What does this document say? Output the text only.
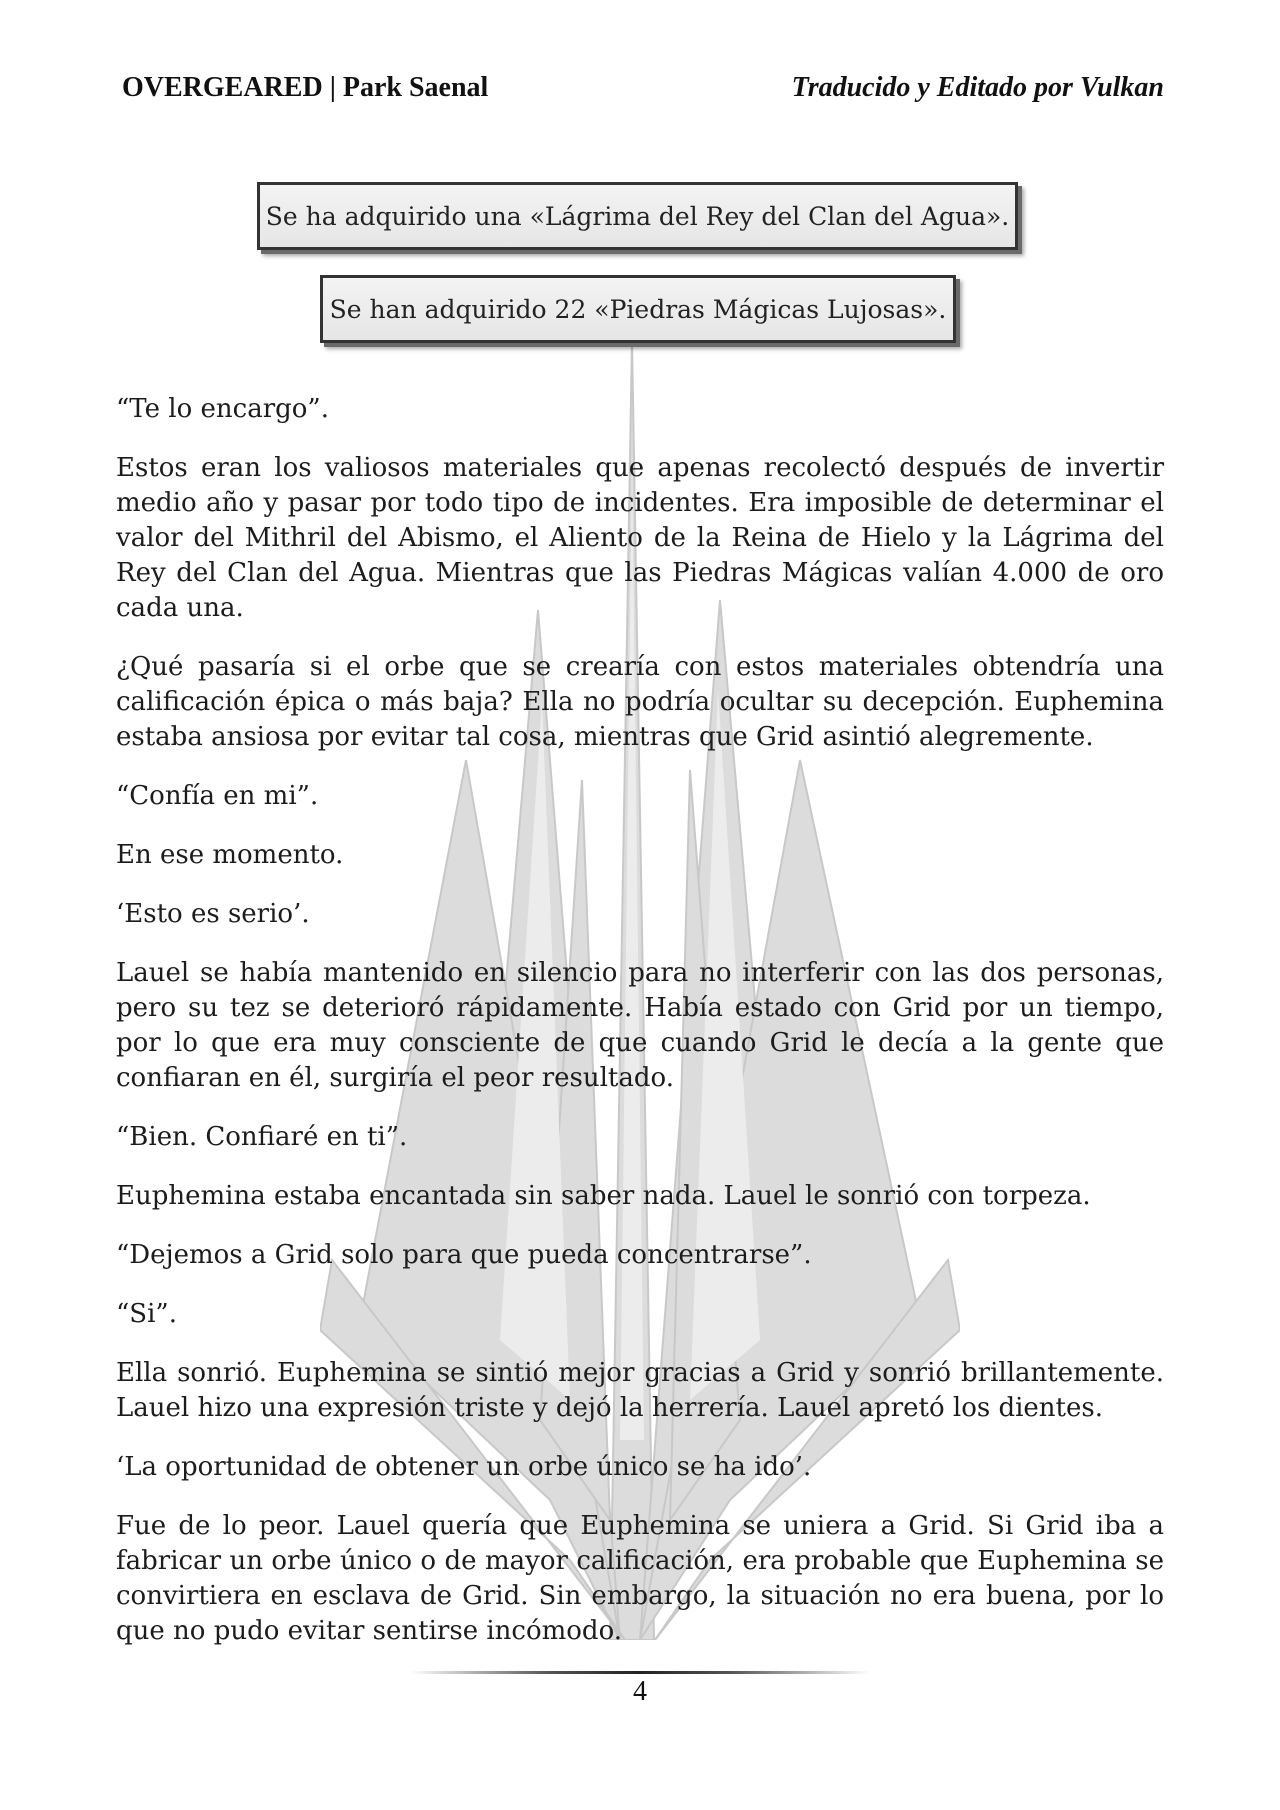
OVERGEARED | Park Saenal	Traducido y Editado por Vulkan
Se ha adquirido una «Lágrima del Rey del Clan del Agua».
Se han adquirido 22 «Piedras Mágicas Lujosas».

“Te lo encargo”.

Estos eran los valiosos materiales que apenas recolectó después de invertir medio año y pasar por todo tipo de incidentes. Era imposible de determinar el valor del Mithril del Abismo, el Aliento de la Reina de Hielo y la Lágrima del Rey del Clan del Agua. Mientras que las Piedras Mágicas valían 4.000 de oro cada una.

¿Qué pasaría si el orbe que se crearía con estos materiales obtendría una calificación épica o más baja? Ella no podría ocultar su decepción. Euphemina estaba ansiosa por evitar tal cosa, mientras que Grid asintió alegremente.

“Confía en mi”.

En ese momento.

‘Esto es serio’.

Lauel se había mantenido en silencio para no interferir con las dos personas, pero su tez se deterioró rápidamente. Había estado con Grid por un tiempo, por lo que era muy consciente de que cuando Grid le decía a la gente que confiaran en él, surgiría el peor resultado.

“Bien. Confiaré en ti”.

Euphemina estaba encantada sin saber nada. Lauel le sonrió con torpeza.

“Dejemos a Grid solo para que pueda concentrarse”.

“Si”.

Ella sonrió. Euphemina se sintió mejor gracias a Grid y sonrió brillantemente. Lauel hizo una expresión triste y dejó la herrería. Lauel apretó los dientes.

‘La oportunidad de obtener un orbe único se ha ido’.

Fue de lo peor. Lauel quería que Euphemina se uniera a Grid. Si Grid iba a fabricar un orbe único o de mayor calificación, era probable que Euphemina se convirtiera en esclava de Grid. Sin embargo, la situación no era buena, por lo que no pudo evitar sentirse incómodo.

4
